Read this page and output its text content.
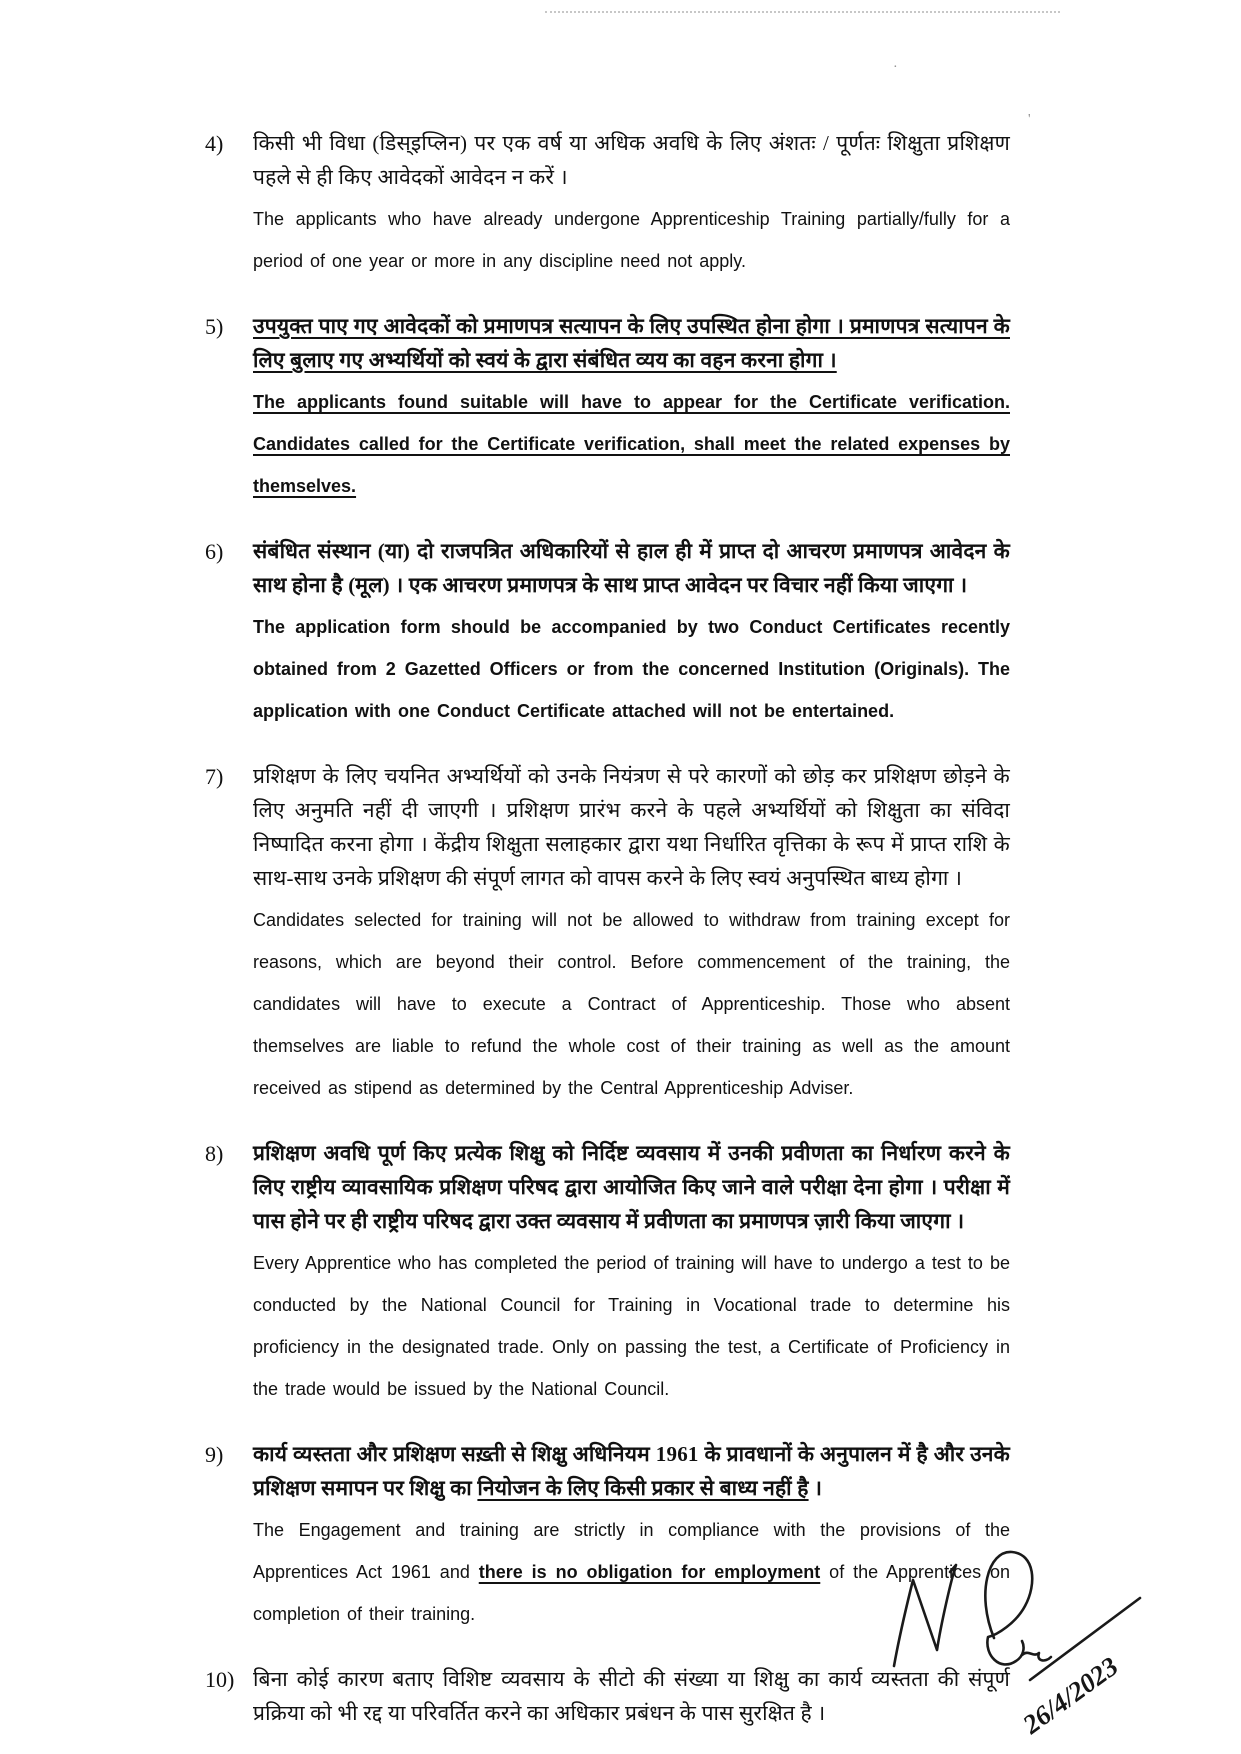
·
'
4)	किसी भी विधा (डिस्इप्लिन) पर एक वर्ष या अधिक अवधि के लिए अंशतः / पूर्णतः शिक्षुता प्रशिक्षण पहले से ही किए आवेदकों आवेदन न करें ।

The applicants who have already undergone Apprenticeship Training partially/fully for a period of one year or more in any discipline need not apply.

5)	उपयुक्त पाए गए आवेदकों को प्रमाणपत्र सत्यापन के लिए उपस्थित होना होगा । प्रमाणपत्र सत्यापन के लिए बुलाए गए अभ्यर्थियों को स्वयं के द्वारा संबंधित व्यय का वहन करना होगा ।

The applicants found suitable will have to appear for the Certificate verification. Candidates called for the Certificate verification, shall meet the related expenses by themselves.

6)	संबंधित संस्थान (या) दो राजपत्रित अधिकारियों से हाल ही में प्राप्त दो आचरण प्रमाणपत्र आवेदन के साथ होना है (मूल) । एक आचरण प्रमाणपत्र के साथ प्राप्त आवेदन पर विचार नहीं किया जाएगा ।

The application form should be accompanied by two Conduct Certificates recently obtained from 2 Gazetted Officers or from the concerned Institution (Originals). The application with one Conduct Certificate attached will not be entertained.

7)	प्रशिक्षण के लिए चयनित अभ्यर्थियों को उनके नियंत्रण से परे कारणों को छोड़ कर प्रशिक्षण छोड़ने के लिए अनुमति नहीं दी जाएगी । प्रशिक्षण प्रारंभ करने के पहले अभ्यर्थियों को शिक्षुता का संविदा निष्पादित करना होगा । केंद्रीय शिक्षुता सलाहकार द्वारा यथा निर्धारित वृत्तिका के रूप में प्राप्त राशि के साथ-साथ उनके प्रशिक्षण की संपूर्ण लागत को वापस करने के लिए स्वयं अनुपस्थित बाध्य होगा ।

Candidates selected for training will not be allowed to withdraw from training except for reasons, which are beyond their control. Before commencement of the training, the candidates will have to execute a Contract of Apprenticeship. Those who absent themselves are liable to refund the whole cost of their training as well as the amount received as stipend as determined by the Central Apprenticeship Adviser.

8)	प्रशिक्षण अवधि पूर्ण किए प्रत्येक शिक्षु को निर्दिष्ट व्यवसाय में उनकी प्रवीणता का निर्धारण करने के लिए राष्ट्रीय व्यावसायिक प्रशिक्षण परिषद द्वारा आयोजित किए जाने वाले परीक्षा देना होगा । परीक्षा में पास होने पर ही राष्ट्रीय परिषद द्वारा उक्त व्यवसाय में प्रवीणता का प्रमाणपत्र ज़ारी किया जाएगा ।

Every Apprentice who has completed the period of training will have to undergo a test to be conducted by the National Council for Training in Vocational trade to determine his proficiency in the designated trade. Only on passing the test, a Certificate of Proficiency in the trade would be issued by the National Council.

9)	कार्य व्यस्तता और प्रशिक्षण सख़्ती से शिक्षु अधिनियम 1961 के प्रावधानों के अनुपालन में है और उनके प्रशिक्षण समापन पर शिक्षु का नियोजन के लिए किसी प्रकार से बाध्य नहीं है ।

The Engagement and training are strictly in compliance with the provisions of the Apprentices Act 1961 and there is no obligation for employment of the Apprentices on completion of their training.

10) बिना कोई कारण बताए विशिष्ट व्यवसाय के सीटो की संख्या या शिक्षु का कार्य व्यस्तता की संपूर्ण प्रक्रिया को भी रद्द या परिवर्तित करने का अधिकार प्रबंधन के पास सुरक्षित है ।	26/4/2023
